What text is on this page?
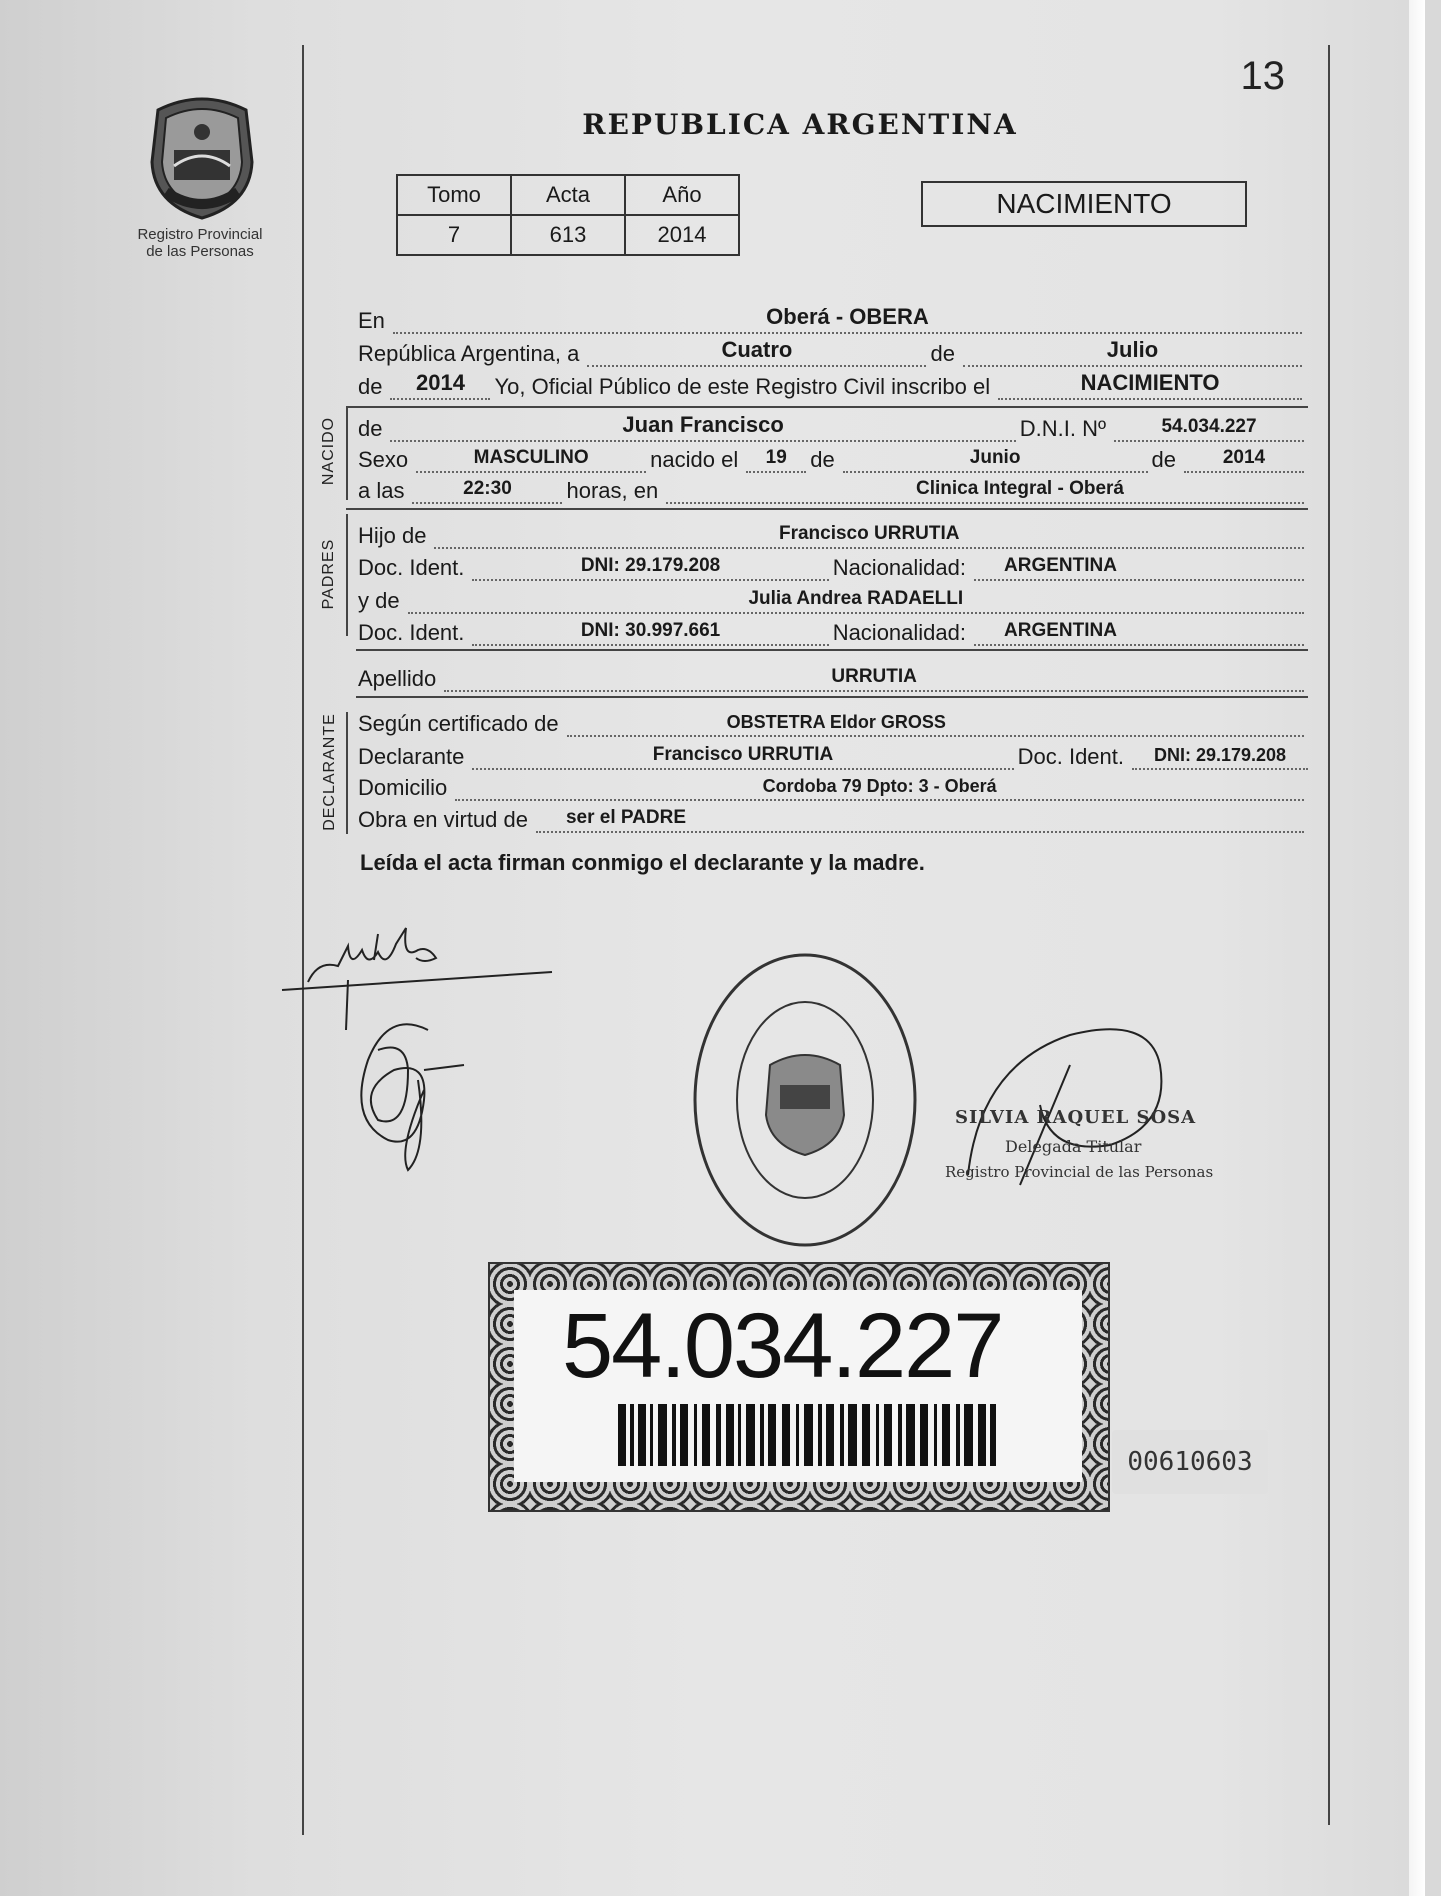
13
Registro Provincial
de las Personas
REPUBLICA ARGENTINA
Tomo	Acta	Año
7	613	2014
NACIMIENTO
En	Oberá - OBERA
República Argentina, a	Cuatro	de	Julio
de	2014	Yo, Oficial Público de este Registro Civil inscribo el	NACIMIENTO
NACIDO de	Juan Francisco	D.N.I. Nº	54.034.227
Sexo	MASCULINO	nacido el	19	de	Junio	de	2014
a las	22:30	horas, en	Clinica Integral - Oberá
PADRES
Hijo de	Francisco URRUTIA
Doc. Ident.	DNI: 29.179.208	Nacionalidad:	ARGENTINA
y de	Julia Andrea RADAELLI
Doc. Ident.	DNI: 30.997.661	Nacionalidad:	ARGENTINA
Apellido	URRUTIA
DECLARANTE Según certificado de	OBSTETRA Eldor GROSS
Declarante	Francisco URRUTIA	Doc. Ident.	DNI: 29.179.208
Domicilio	Cordoba 79 Dpto: 3 - Oberá
Obra en virtud de	ser el PADRE
Leída el acta firman conmigo el declarante y la madre.
SILVIA RAQUEL SOSA
Delegada Titular
Registro Provincial de las Personas
54.034.227
00610603
